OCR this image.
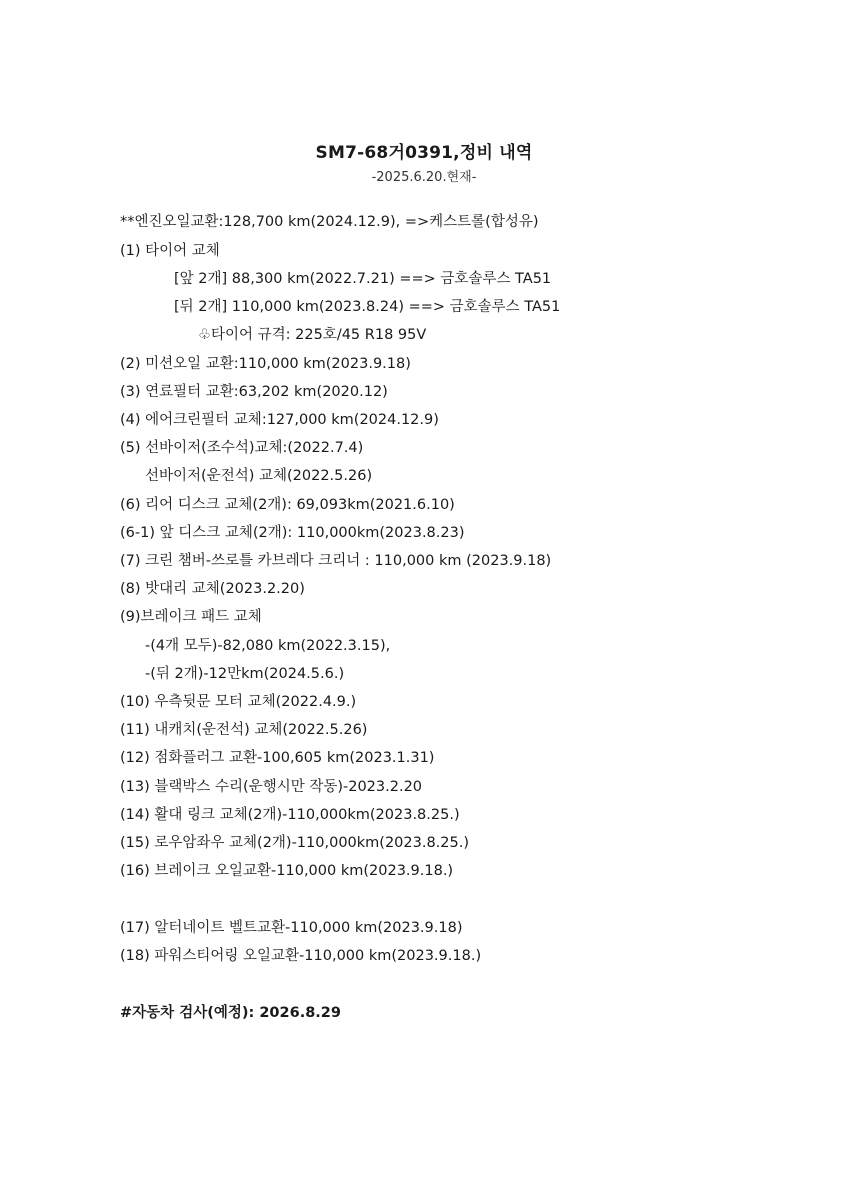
SM7-68거0391,정비 내역
-2025.6.20.현재-
**엔진오일교환:128,700 km(2024.12.9), =>케스트롤(합성유)
(1) 타이어 교체
[앞 2개] 88,300 km(2022.7.21) ==> 금호솔루스 TA51
[뒤 2개] 110,000 km(2023.8.24) ==> 금호솔루스 TA51
♧타이어 규격: 225호/45 R18 95V
(2) 미션오일 교환:110,000 km(2023.9.18)
(3) 연료필터 교환:63,202 km(2020.12)
(4) 에어크린필터 교체:127,000 km(2024.12.9)
(5) 선바이저(조수석)교체:(2022.7.4)
선바이저(운전석) 교체(2022.5.26)
(6) 리어 디스크 교체(2개): 69,093km(2021.6.10)
(6-1) 앞 디스크 교체(2개): 110,000km(2023.8.23)
(7) 크린 챔버-쓰로틀 카브레다 크리너 : 110,000 km (2023.9.18)
(8) 밧대리 교체(2023.2.20)
(9)브레이크 패드 교체
-(4개 모두)-82,080 km(2022.3.15),
-(뒤 2개)-12만km(2024.5.6.)
(10) 우측뒷문 모터 교체(2022.4.9.)
(11) 내캐치(운전석) 교체(2022.5.26)
(12) 점화플러그 교환-100,605 km(2023.1.31)
(13) 블랙박스 수리(운행시만 작동)-2023.2.20
(14) 활대 링크 교체(2개)-110,000km(2023.8.25.)
(15) 로우암좌우 교체(2개)-110,000km(2023.8.25.)
(16) 브레이크 오일교환-110,000 km(2023.9.18.)
(17) 알터네이트 벨트교환-110,000 km(2023.9.18)
(18) 파워스티어링 오일교환-110,000 km(2023.9.18.)
#자동차 검사(예정): 2026.8.29
